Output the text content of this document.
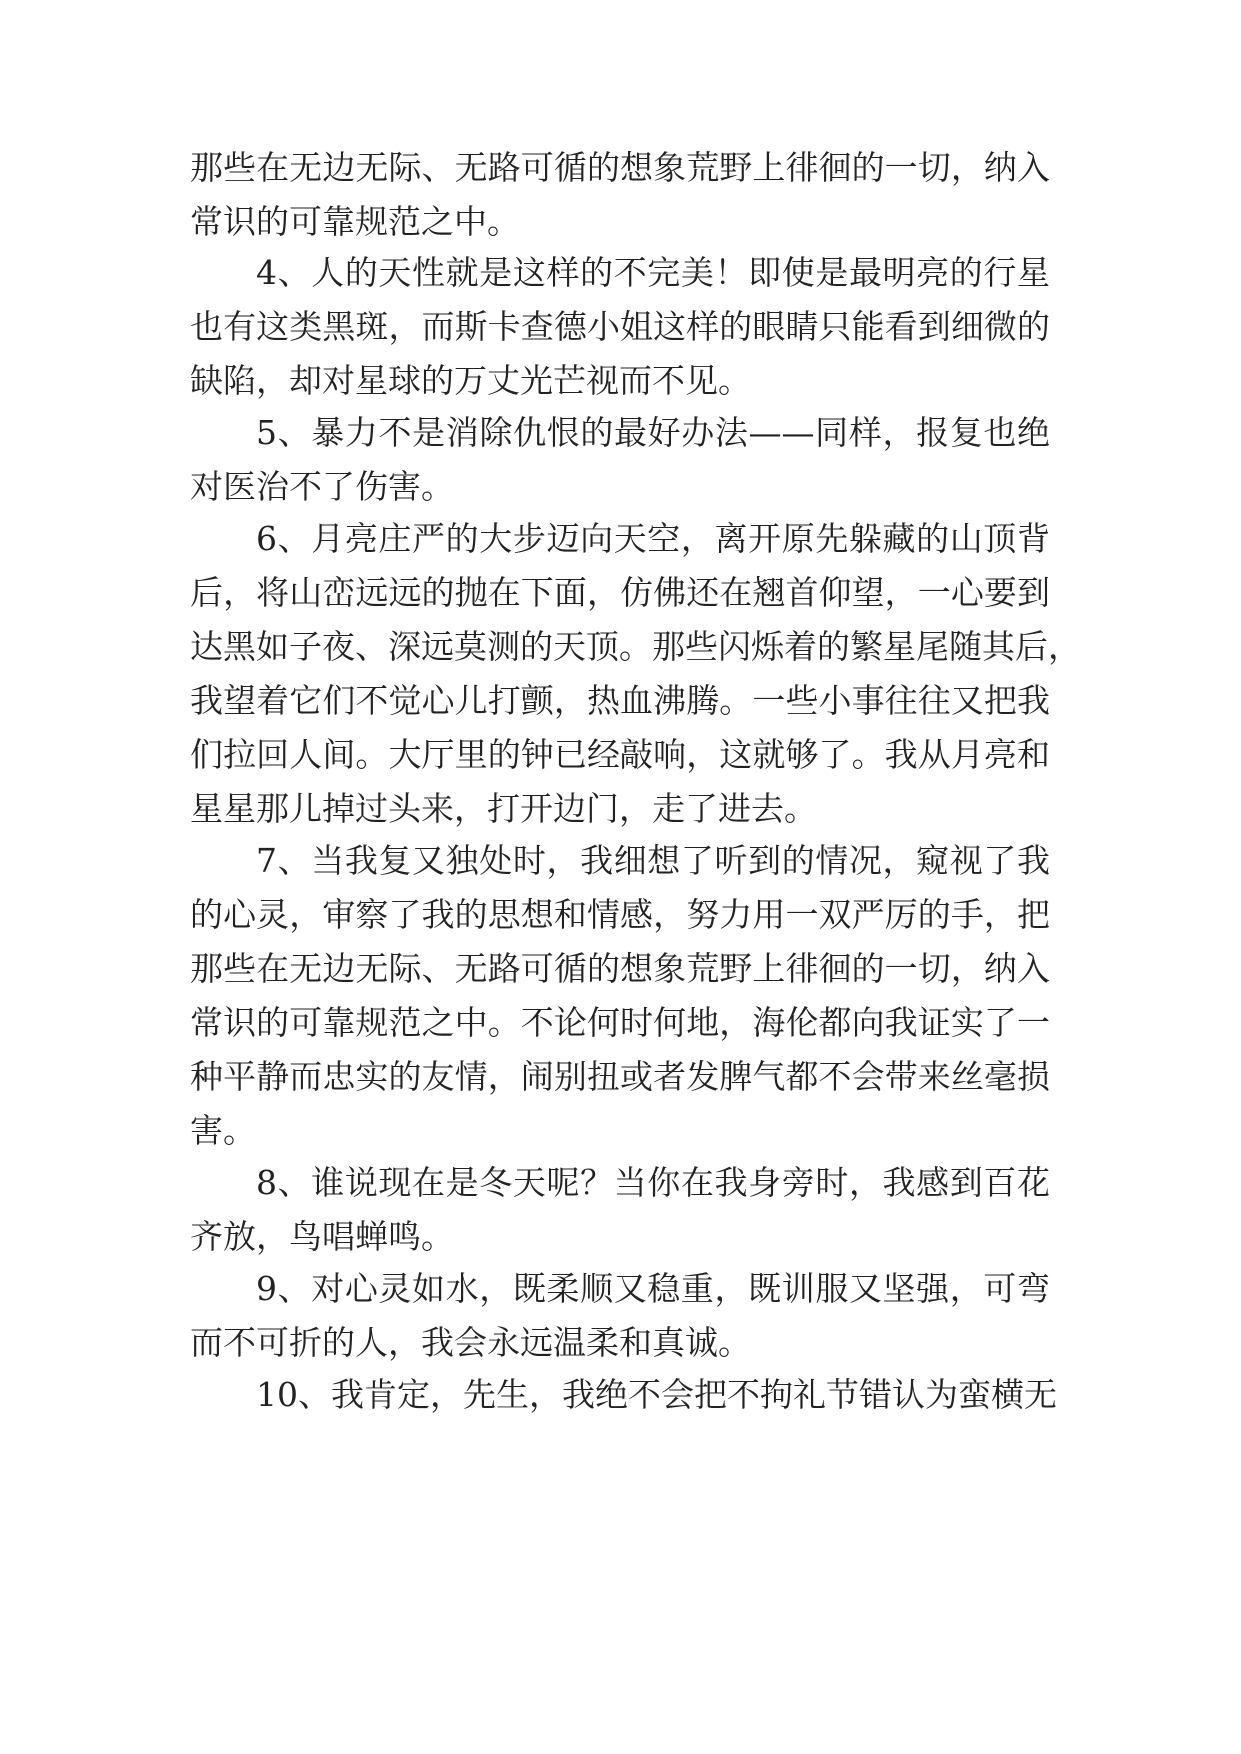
那些在无边无际、无路可循的想象荒野上徘徊的一切，纳入
常识的可靠规范之中。
4、人的天性就是这样的不完美！即使是最明亮的行星
也有这类黑斑，而斯卡查德小姐这样的眼睛只能看到细微的
缺陷，却对星球的万丈光芒视而不见。
5、暴力不是消除仇恨的最好办法——同样，报复也绝
对医治不了伤害。
6、月亮庄严的大步迈向天空，离开原先躲藏的山顶背
后，将山峦远远的抛在下面，仿佛还在翘首仰望，一心要到
达黑如子夜、深远莫测的天顶。那些闪烁着的繁星尾随其后，
我望着它们不觉心儿打颤，热血沸腾。一些小事往往又把我
们拉回人间。大厅里的钟已经敲响，这就够了。我从月亮和
星星那儿掉过头来，打开边门，走了进去。
7、当我复又独处时，我细想了听到的情况，窥视了我
的心灵，审察了我的思想和情感，努力用一双严厉的手，把
那些在无边无际、无路可循的想象荒野上徘徊的一切，纳入
常识的可靠规范之中。不论何时何地，海伦都向我证实了一
种平静而忠实的友情，闹别扭或者发脾气都不会带来丝毫损
害。
8、谁说现在是冬天呢？当你在我身旁时，我感到百花
齐放，鸟唱蝉鸣。
9、对心灵如水，既柔顺又稳重，既训服又坚强，可弯
而不可折的人，我会永远温柔和真诚。
10、我肯定，先生，我绝不会把不拘礼节错认为蛮横无
